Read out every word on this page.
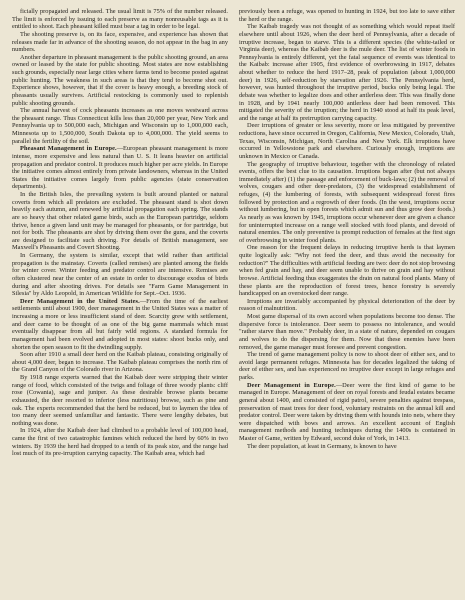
ficially propagated and released. The usual limit is 75% of the number released. The limit is enforced by issuing to each preserve as many nonreusable tags as it is entitled to shoot. Each pheasant killed must bear a tag in order to be legal.

The shooting preserve is, on its face, expensive, and experience has shown that releases made far in advance of the shooting season, do not appear in the bag in any numbers.

Another departure in pheasant management is the public shooting ground, an area owned or leased by the state for public shooting. Most states are now establishing such grounds, especially near large cities where farms tend to become posted against public hunting. The weakness in such areas is that they tend to become shot out. Experience shows, however, that if the cover is heavy enough, a breeding stock of pheasants usually survives. Artificial restocking is commonly used to replenish public shooting grounds.

The annual harvest of cock pheasants increases as one moves westward across the pheasant range. Thus Connecticut kills less than 20,000 per year, New York and Pennsylvania up to 500,000 each, Michigan and Wisconsin up to 1,000,000 each, Minnesota up to 1,500,000, South Dakota up to 4,000,000. The yield seems to parallel the fertility of the soil.

Pheasant Management in Europe.—European pheasant management is more intense, more expensive and less natural than U. S. It leans heavier on artificial propagation and predator control. It produces much higher per acre yields. In Europe the initiative comes almost entirely from private landowners, whereas in the United States the initiative comes largely from public agencies (state conservation departments).

In the British Isles, the prevailing system is built around planted or natural coverts from which all predators are excluded. The pheasant stand is shot down heavily each autumn, and renewed by artificial propagation each spring. The stands are so heavy that other related game birds, such as the European partridge, seldom thrive, hence a given land unit may be managed for pheasants, or for partridge, but not for both. The pheasants are shot by driving them over the guns, and the coverts are designed to facilitate such driving. For details of British management, see Maxwell's Pheasants and Covert Shooting.

In Germany, the system is similar, except that wild rather than artificial propagation is the mainstay. Coverts (called remises) are planted among the fields for winter cover. Winter feeding and predator control are intensive. Remises are often clustered near the center of an estate in order to discourage exodus of birds during and after shooting drives. For details see "Farm Game Management in Silesia" by Aldo Leopold, in American Wildlife for Sept.–Oct. 1936.

Deer Management in the United States.—From the time of the earliest settlements until about 1900, deer management in the United States was a matter of increasing a more or less insufficient stand of deer. Scarcity grew with settlement, and deer came to be thought of as one of the big game mammals which must eventually disappear from all but fairly wild regions. A standard formula for management had been evolved and adopted in most states: shoot bucks only, and shorten the open season to fit the dwindling supply.

Soon after 1910 a small deer herd on the Kaibab plateau, consisting originally of about 4,000 deer, began to increase. The Kaibab plateau comprises the north rim of the Grand Canyon of the Colorado river in Arizona.

By 1918 range experts warned that the Kaibab deer were stripping their winter range of food, which consisted of the twigs and foliage of three woody plants: cliff rose (Cowania), sage and juniper. As these desirable browse plants became exhausted, the deer resorted to inferior (less nutritious) browse, such as pine and oak. The experts recommended that the herd be reduced, but to laymen the idea of too many deer seemed unfamiliar and fantastic. There were lengthy debates, but nothing was done.

In 1924, after the Kaibab deer had climbed to a probable level of 100,000 head, came the first of two catastrophic famines which reduced the herd by 60% in two winters. By 1939 the herd had dropped to a tenth of its peak size, and the range had lost much of its pre-irruption carrying capacity. The Kaibab area, which had

previously been a refuge, was opened to hunting in 1924, but too late to save either the herd or the range.

The Kaibab tragedy was not thought of as something which would repeat itself elsewhere until about 1926, when the deer herd of Pennsylvania, after a decade of irruptive increase, began to starve. This is a different species (the white-tailed or Virginia deer), whereas the Kaibab deer is the mule deer. The list of winter foods in Pennsylvania is entirely different, yet the fatal sequence of events was identical to the Kaibab: increase after 1905, first evidence of overbrowsing in 1917, debates about whether to reduce the herd 1917–28, peak of population (about 1,000,000 deer) in 1926, self-reduction by starvation after 1926. The Pennsylvania herd, however, was hunted throughout the irruptive period, bucks only being legal. The debate was whether to legalize does and other antlerless deer. This was finally done in 1928, and by 1941 nearly 100,000 antlerless deer had been removed. This mitigated the severity of the irruption; the herd in 1940 stood at half its peak level, and the range at half its preirruption carrying capacity.

Deer irruptions of greater or less severity, more or less mitigated by preventive reductions, have since occurred in Oregon, California, New Mexico, Colorado, Utah, Texas, Wisconsin, Michigan, North Carolina and New York. Elk irruptions have occurred in Yellowstone park and elsewhere. Curiously enough, irruptions are unknown in Mexico or Canada.

The geography of irruptive behaviour, together with the chronology of related events, offers the best clue to its causation. Irruptions began after (but not always immediately after) (1) the passage and enforcement of buck-laws; (2) the removal of wolves, cougars and other deer-predators, (3) the widespread establishment of refuges, (4) the lumbering of forests, with subsequent widespread forest fires followed by protection and a regrowth of deer foods. (In the west, irruptions occur without lumbering, but in open forests which admit sun and thus grow deer foods.) As nearly as was known by 1945, irruptions occur whenever deer are given a chance for uninterrupted increase on a range well stocked with food plants, and devoid of natural enemies. The only preventive is prompt reduction of females at the first sign of overbrowsing in winter food plants.

One reason for the frequent delays in reducing irruptive herds is that laymen quite logically ask: "Why not feed the deer, and thus avoid the necessity for reduction?" The difficulties with artificial feeding are two: deer do not stop browsing when fed grain and hay, and deer seem unable to thrive on grain and hay without browse. Artificial feeding thus exaggerates the drain on natural food plants. Many of these plants are the reproduction of forest trees, hence forestry is severely handicapped on an overstocked deer range.

Irruptions are invariably accompanied by physical deterioration of the deer by reason of malnutrition.

Most game dispersal of its own accord when populations become too dense. The dispersive force is intolerance. Deer seem to possess no intolerance, and would "rather starve than move." Probably deer, in a state of nature, depended on cougars and wolves to do the dispersing for them. Now that these enemies have been removed, the game manager must foresee and prevent congestion.

The trend of game management policy is now to shoot deer of either sex, and to avoid large permanent refuges. Minnesota has for decades legalized the taking of deer of either sex, and has experienced no irruptive deer except in large refuges and parks.

Deer Management in Europe.—Deer were the first kind of game to be managed in Europe. Management of deer on royal forests and feudal estates became general about 1400, and consisted of rigid patrol, severe penalties against trespass, preservation of mast trees for deer food, voluntary restraints on the annual kill and predator control. Deer were taken by driving them with hounds into nets, where they were dispatched with bows and arrows. An excellent account of English management methods and hunting techniques during the 1400s is contained in Master of Game, written by Edward, second duke of York, in 1413.

The deer population, at least in Germany, is known to have
